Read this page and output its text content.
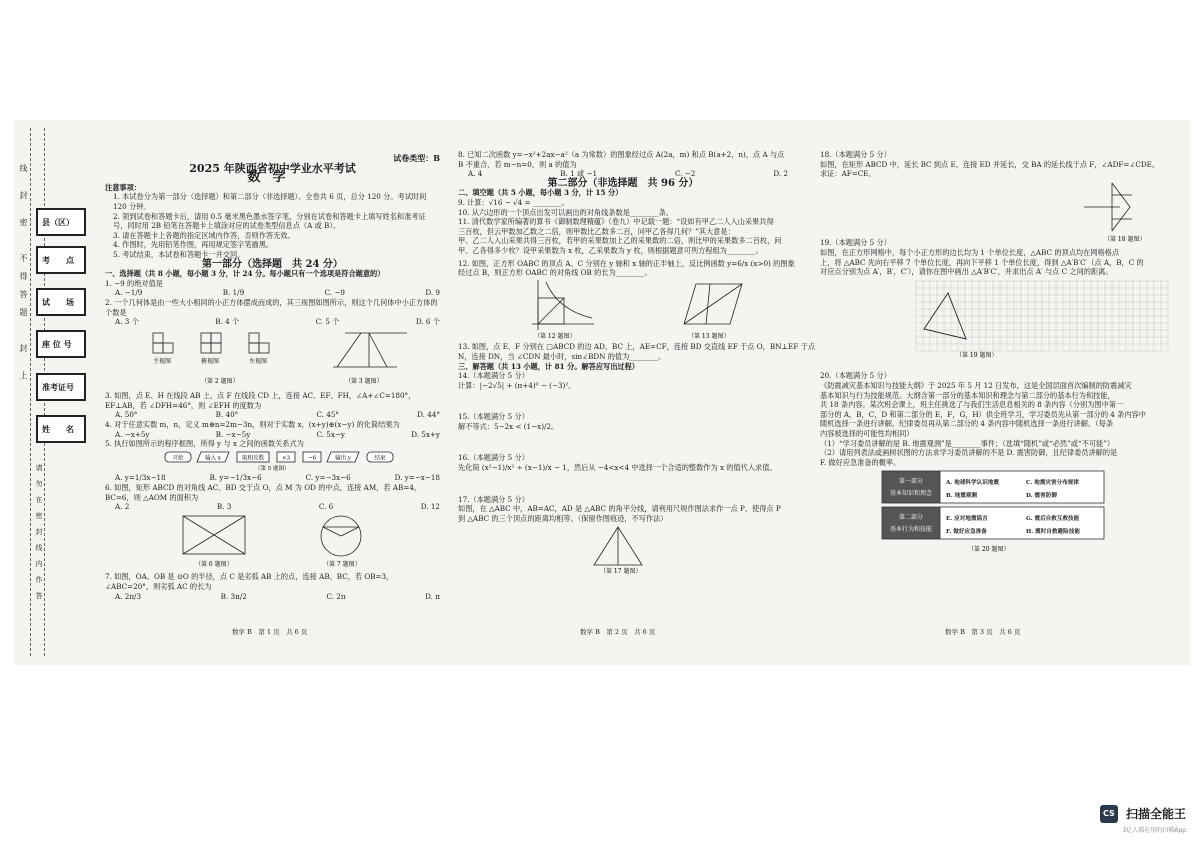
线　　封　　密　　　不　得　答　题　　　封　　上
请　勿　在　密　封　线　内　作　答
县（区）
考　　点
试　　场
座 位 号
准考证号
姓　　名

试卷类型：B

2025 年陕西省初中学业水平考试

数学

注意事项：

1. 本试卷分为第一部分（选择题）和第二部分（非选择题）。全卷共 6 页，总分 120 分。考试时间 120 分钟。

2. 领到试卷和答题卡后，请用 0.5 毫米黑色墨水签字笔，分别在试卷和答题卡上填写姓名和准考证号，同时用 2B 铅笔在答题卡上填涂对应的试卷类型信息点（A 或 B）。

3. 请在答题卡上各题的指定区域内作答，否则作答无效。

4. 作图时，先用铅笔作图，再用规定签字笔描黑。

5. 考试结束，本试卷和答题卡一并交回。

第一部分（选择题　共 24 分）

一、选择题（共 8 小题，每小题 3 分，计 24 分。每小题只有一个选项是符合题意的）

1. −9 的绝对值是

A. −1/9	B. 1/9	C. −9	D. 9

2. 一个几何体是由一些大小相同的小正方体摆成而成的，其三视图如图所示，则这个几何体中小正方体的个数是

A. 3 个	B. 4 个	C. 5 个	D. 6 个
主视图	俯视图	左视图
（第 2 题图）	（第 3 题图）

3. 如图，点 E、H 在线段 AB 上，点 F 在线段 CD 上，连接 AC、EF、FH，∠A+∠C=180°，EF⊥AB，若 ∠DFH=46°，则 ∠EFH 的度数为

A. 50°	B. 40°	C. 45°	D. 44°

4. 对于任意实数 m，n，定义 m⊕n=2m−3n，则对于实数 x，(x+y)⊕(x−y) 的化简结果为

A. −x+5y	B. −x−5y	C. 5x−y	D. 5x+y

5. 执行如图所示的程序框图，所得 y 与 x 之间的函数关系式为

开始	输入 x	取相反数	×3	−6	输出 y	结束
（第 5 题图）
A. y=1/3x−18	B. y=−1/3x−6	C. y=−3x−6	D. y=−x−18

6. 如图，矩形 ABCD 的对角线 AC、BD 交于点 O，点 M 为 OD 的中点，连接 AM，若 AB=4，BC=6，则 △AOM 的面积为

A. 2	B. 3	C. 6	D. 12
（第 6 题图）	（第 7 题图）

7. 如图，OA、OB 是 ⊙O 的半径，点 C 是劣弧 AB 上的点，连接 AB、BC，若 OB=3，∠ABC=20°，则劣弧 AC 的长为

A. 2π/3	B. 3π/2	C. 2π	D. π
数学 B　第 1 页　共 6 页

8. 已知二次函数 y=−x²+2ax−a²（a 为常数）的图象经过点 A(2a，m) 和点 B(a+2，n)，点 A 与点 B 不重合，若 m−n=0，则 a 的值为

A. 4	B. 1 或 −1	C. −2	D. 2

第二部分（非选择题　共 96 分）

二、填空题（共 5 小题，每小题 3 分，计 15 分）

9. 计算：√16 − √4 = ________。

10. 从六边形的一个顶点出发可以画出的对角线条数是________条。

11. 清代数学家所编著的算书《御制数理精蕴》（卷九）中记载一题：“设如有甲乙二人入山采果共得

三百枚，但云甲数加乙数之二倍，则甲数比乙数多二百，问甲乙各得几何？”其大意是：

甲、乙二人入山采果共得三百枚，若甲的采果数加上乙的采果数的二倍，则比甲的采果数多二百枚，问

甲、乙各得多少枚？设甲采果数为 x 枚，乙采果数为 y 枚，则根据题意可列方程组为________。

12. 如图，正方形 OABC 的顶点 A、C 分别在 y 轴和 x 轴的正半轴上，反比例函数 y=6/x (x>0) 的图象

经过点 B，则正方形 OABC 的对角线 OB 的长为________。

（第 12 题图）	（第 13 题图）

13. 如图，点 E、F 分别在 □ABCD 的边 AD、BC 上，AE=CF，连接 BD 交直线 EF 于点 O，BN⊥EF 于点

N，连接 DN，当 ∠CDN 最小时，sin∠BDN 的值为________。

三、解答题（共 13 小题，计 81 分。解答应写出过程）

14.（本题满分 5 分）

计算：|−2√5| + (π+4)⁰ − (−3)²。

15.（本题满分 5 分）

解不等式：5−2x < (1−x)/2。

16.（本题满分 5 分）

先化简 (x²−1)/x² ÷ (x−1)/x − 1，然后从 −4<x<4 中选择一个合适的整数作为 x 的值代入求值。

17.（本题满分 5 分）

如图，在 △ABC 中，AB=AC，AD 是 △ABC 的角平分线，请利用尺规作图法求作一点 P，使得点 P

到 △ABC 的三个顶点的距离均相等。（保留作图痕迹，不写作法）

（第 17 题图）
数学 B　第 2 页　共 6 页

18.（本题满分 5 分）

如图，在矩形 ABCD 中，延长 BC 到点 E，连接 ED 并延长，交 BA 的延长线于点 F，∠ADF=∠CDE。

求证：AF=CE。

（第 18 题图）

19.（本题满分 5 分）

如图，在正方形网格中，每个小正方形的边长均为 1 个单位长度，△ABC 的顶点均在网格格点

上，将 △ABC 先向右平移 7 个单位长度，再向下平移 1 个单位长度，得到 △A′B′C′（点 A，B，C 的

对应点分别为点 A′，B′，C′），请你在图中画出 △A′B′C′，并求出点 A′ 与点 C 之间的距离。

（第 19 题图）

20.（本题满分 5 分）

《防震减灾基本知识与技能大纲》于 2025 年 5 月 12 日发布，这是全国层面首次编制的防震减灾

基本知识与行为技能规范。大纲含第一部分的基本知识和理念与第二部分的基本行为和技能，

共 18 条内容。某次班会课上，班主任挑选了与我们生活息息相关的 8 条内容（分别为图中第一

部分的 A，B，C，D 和第二部分的 E，F，G，H）供全班学习，学习委员先从第一部分的 4 条内容中

随机选择一条进行讲解，纪律委员再从第二部分的 4 条内容中随机选择一条进行讲解。（每条

内容被选择的可能性均相同）

（1）“学习委员讲解的是 B. 地震观测”是________事件；（选填“随机”或“必然”或“不可能”）

（2）请用列表法或画树状图的方法求学习委员讲解的不是 D. 震害防御，且纪律委员讲解的是

F. 做好应急准备的概率。

第一部分
基本知识和理念
第二部分
基本行为和技能
A. 地球科学认识地震	C. 地震灾害分布规律
B. 地震观测	D. 震害防御
E. 应对地震谣言	G. 震后自救互救技能
F. 做好应急准备	H. 震时自救避险技能
（第 20 题图）
数学 B　第 3 页　共 6 页
CS 扫描全能王
3亿人都在用的扫描App
